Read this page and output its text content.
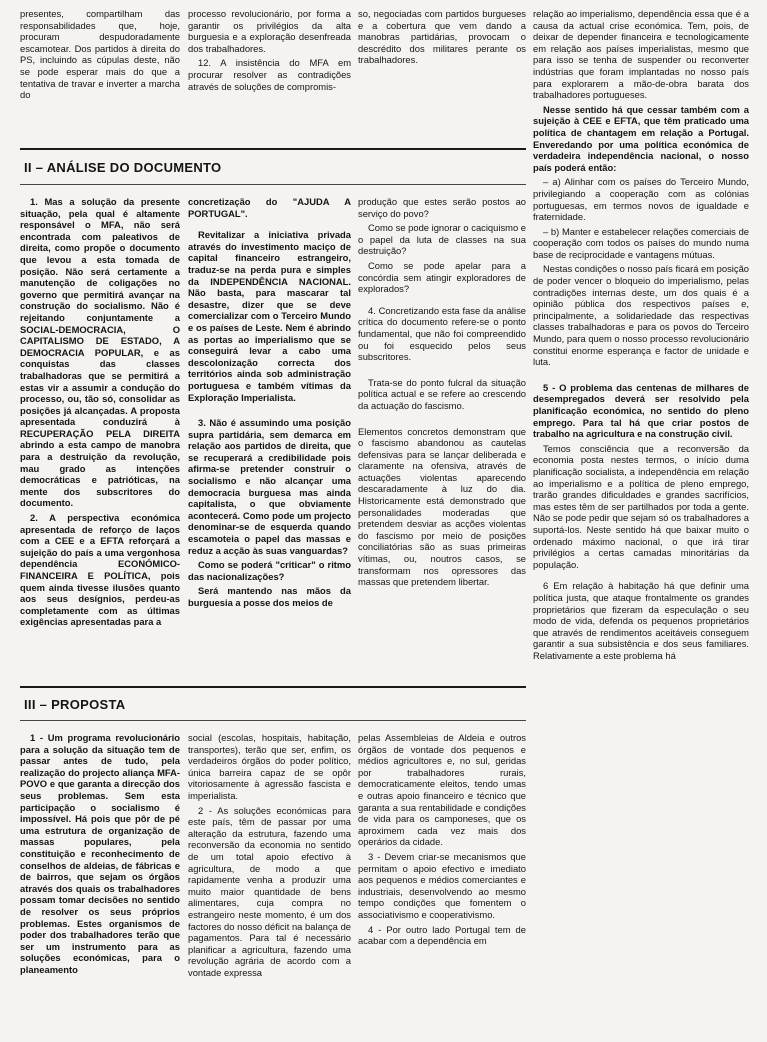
presentes, compartilham das responsabilidades que, hoje, procuram despudoradamente escamotear. Dos partidos à direita do PS, incluindo as cúpulas deste, não se pode esperar mais do que a tentativa de travar e inverter a marcha do

processo revolucionário, por forma a garantir os privilégios da alta burguesia e a exploração desenfreada dos trabalhadores.

12. A insistência do MFA em procurar resolver as contradições através de soluções de compromis-

so, negociadas com partidos burgueses e a cobertura que vem dando a manobras partidárias, provocam o descrédito dos militares perante os trabalhadores.

relação ao imperialismo, dependência essa que é a causa da actual crise económica. Tem, pois, de deixar de depender financeira e tecnologicamente em relação aos países imperialistas, mesmo que para isso se tenha de suspender ou reconverter indústrias que foram implantadas no nosso país para explorarem a mão-de-obra barata dos trabalhadores portugueses.

Nesse sentido há que cessar também com a sujeição à CEE e EFTA, que têm praticado uma política de chantagem em relação a Portugal. Enveredando por uma política económica de verdadeira independência nacional, o nosso país poderá então:

– a) Alinhar com os países do Terceiro Mundo, privilegiando a cooperação com as colónias portuguesas, em termos novos de igualdade e fraternidade.

– b) Manter e estabelecer relações comerciais de cooperação com todos os países do mundo numa base de reciprocidade e vantagens mútuas.

Nestas condições o nosso país ficará em posição de poder vencer o bloqueio do imperialismo, pelas contradições internas deste, um dos quais é a opinião pública dos respectivos países e, principalmente, a solidariedade das respectivas classes trabalhadoras e para os povos do Terceiro Mundo, para quem o nosso processo revolucionário constitui enorme esperança e factor de unidade e luta.

5 - O problema das centenas de milhares de desempregados deverá ser resolvido pela planificação económica, no sentido do pleno emprego. Para tal há que criar postos de trabalho na agricultura e na construção civil.

Temos consciência que a reconversão da economia posta nestes termos, o início duma planificação socialista, a independência em relação ao imperialismo e a política de pleno emprego, trarão grandes dificuldades e grandes sacrifícios, mas estes têm de ser partilhados por toda a gente. Não se pode pedir que sejam só os trabalhadores a suportá-los. Neste sentido há que baixar muito o ordenado máximo nacional, o que irá tirar privilégios a certas camadas minoritárias da população.

6 Em relação à habitação há que definir uma política justa, que ataque frontalmente os grandes proprietários que fizeram da especulação o seu modo de vida, defenda os pequenos proprietários que através de rendimentos aceitáveis conseguem garantir a sua subsistência e dos seus familiares. Relativamente a este problema há

II – ANÁLISE DO DOCUMENTO

1. Mas a solução da presente situação, pela qual é altamente responsável o MFA, não será encontrada com paleativos de direita, como propõe o documento que levou a esta tomada de posição. Não será certamente a manutenção de coligações no governo que permitirá avançar na construção do socialismo. Não é rejeitando conjuntamente a SOCIAL-DEMOCRACIA, O CAPITALISMO DE ESTADO, A DEMOCRACIA POPULAR, e as conquistas das classes trabalhadoras que se permitirá a estas vir a assumir a condução do processo, ou, tão só, consolidar as posições já alcançadas. A proposta apresentada conduzirá à RECUPERAÇÃO PELA DIREITA abrindo a esta campo de manobra para a destruição da revolução, mau grado as intenções democráticas e patrióticas, na mente dos subscritores do documento.

2. A perspectiva económica apresentada de reforço de laços com a CEE e a EFTA reforçará a sujeição do país a uma vergonhosa dependência ECONÓMICO-FINANCEIRA E POLÍTICA, pois quem ainda tivesse ilusões quanto aos seus desígnios, perdeu-as completamente com as últimas exigências apresentadas para a

concretização do "AJUDA A PORTUGAL".

Revitalizar a iniciativa privada através do investimento maciço de capital financeiro estrangeiro, traduz-se na perda pura e simples da INDEPENDÊNCIA NACIONAL. Não basta, para mascarar tal desastre, dizer que se deve comercializar com o Terceiro Mundo e os países de Leste. Nem é abrindo as portas ao imperialismo que se conseguirá levar a cabo uma descolonização correcta dos territórios ainda sob administração portuguesa e também vítimas da Exploração Imperialista.

3. Não é assumindo uma posição supra partidária, sem demarca em relação aos partidos de direita, que se recuperará a credibilidade pois afirma-se pretender construir o socialismo e não alcançar uma democracia burguesa mas ainda capitalista, o que obviamente acontecerá. Como pode um projecto denominar-se de esquerda quando escamoteia o papel das massas e reduz a acção às suas vanguardas?

Como se poderá "criticar" o ritmo das nacionalizações?

Será mantendo nas mãos da burguesia a posse dos meios de

produção que estes serão postos ao serviço do povo?

Como se pode ignorar o caciquismo e o papel da luta de classes na sua destruição?

Como se pode apelar para a concórdia sem atingir exploradores de explorados?

4. Concretizando esta fase da análise crítica do documento refere-se o ponto fundamental, que não foi compreendido ou foi esquecido pelos seus subscritores.

Trata-se do ponto fulcral da situação política actual e se refere ao crescendo da actuação do fascismo.

Elementos concretos demonstram que o fascismo abandonou as cautelas defensivas para se lançar deliberada e claramente na ofensiva, através de actuações violentas aparecendo descaradamente à luz do dia. Historicamente está demonstrado que personalidades moderadas que pretendem desviar as acções violentas do fascismo por meio de posições conciliatórias são as suas primeiras vítimas, ou, noutros casos, se transformam nos opressores das massas que pretendem libertar.

III – PROPOSTA

1 - Um programa revolucionário para a solução da situação tem de passar antes de tudo, pela realização do projecto aliança MFA-POVO e que garanta a direcção dos seus problemas. Sem esta participação o socialismo é impossível. Há pois que pôr de pé uma estrutura de organização de massas populares, pela constituição e reconhecimento de conselhos de aldeias, de fábricas e de bairros, que sejam os órgãos através dos quais os trabalhadores possam tomar decisões no sentido de resolver os seus próprios problemas. Estes organismos de poder dos trabalhadores terão que ser um instrumento para as soluções económicas, para o planeamento

social (escolas, hospitais, habitação, transportes), terão que ser, enfim, os verdadeiros órgãos do poder político, única barreira capaz de se opôr vitoriosamente à agressão fascista e imperialista.

2 - As soluções económicas para este país, têm de passar por uma alteração da estrutura, fazendo uma reconversão da economia no sentido de um total apoio efectivo à agricultura, de modo a que rapidamente venha a produzir uma muito maior quantidade de bens alimentares, cuja compra no estrangeiro neste momento, é um dos factores do nosso déficit na balança de pagamentos. Para tal é necessário planificar a agricultura, fazendo uma revolução agrária de acordo com a vontade expressa

pelas Assembleias de Aldeia e outros órgãos de vontade dos pequenos e médios agricultores e, no sul, geridas por trabalhadores rurais, democraticamente eleitos, tendo umas e outras apoio financeiro e técnico que garanta a sua rentabilidade e condições de vida para os camponeses, que os aproximem cada vez mais dos operários da cidade.

3 - Devem criar-se mecanismos que permitam o apoio efectivo e imediato aos pequenos e médios comerciantes e industriais, desenvolvendo ao mesmo tempo condições que fomentem o associativismo e cooperativismo.

4 - Por outro lado Portugal tem de acabar com a dependência em
